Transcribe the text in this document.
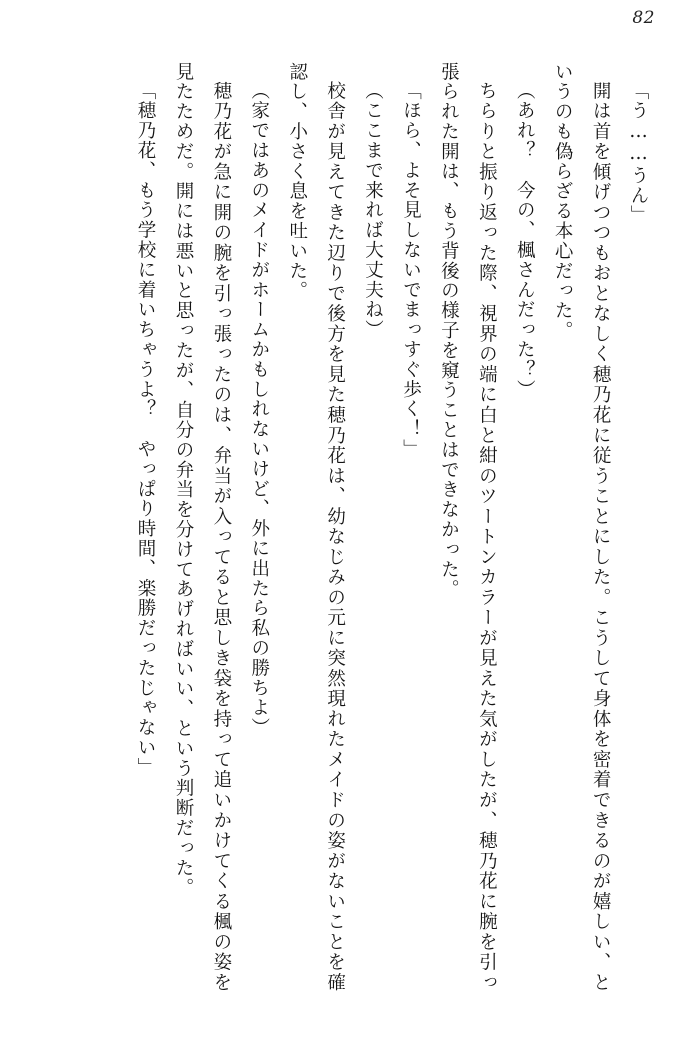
82

「う……うん」

開は首を傾げつつもおとなしく穂乃花に従うことにした。こうして身体を密着できるのが嬉しい、というのも偽らざる本心だった。

（あれ？　今の、楓さんだった？）

ちらりと振り返った際、視界の端に白と紺のツートンカラーが見えた気がしたが、穂乃花に腕を引っ張られた開は、もう背後の様子を窺うことはできなかった。

「ほら、よそ見しないでまっすぐ歩く！」

（ここまで来れば大丈夫ね）

校舎が見えてきた辺りで後方を見た穂乃花は、幼なじみの元に突然現れたメイドの姿がないことを確認し、小さく息を吐いた。

（家ではあのメイドがホームかもしれないけど、外に出たら私の勝ちよ）

穂乃花が急に開の腕を引っ張ったのは、弁当が入ってると思しき袋を持って追いかけてくる楓の姿を見たためだ。開には悪いと思ったが、自分の弁当を分けてあげればいい、という判断だった。

「穂乃花、もう学校に着いちゃうよ？　やっぱり時間、楽勝だったじゃない」
